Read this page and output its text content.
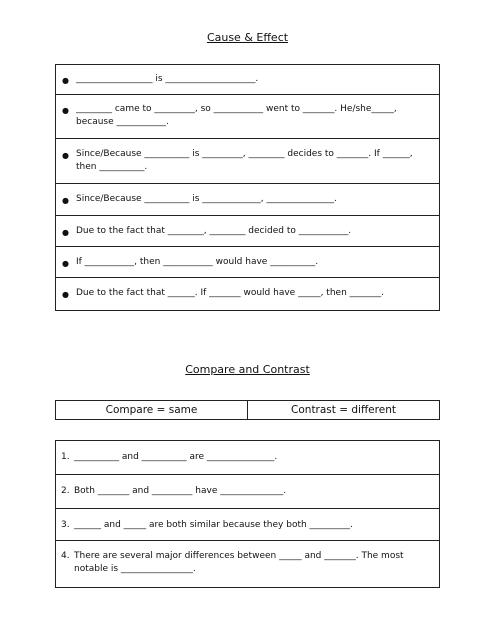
Cause & Effect
● _________________ is ____________________.
● ________ came to _________, so ___________ went to _______. He/she_____, because ___________.
● Since/Because __________ is _________, ________ decides to _______. If ______, then __________.
● Since/Because __________ is _____________, _______________.
● Due to the fact that ________, ________ decided to ___________.
● If ___________, then ___________ would have __________.
● Due to the fact that ______. If _______ would have _____, then _______.
Compare and Contrast
Compare = same	Contrast = different
1. __________ and __________ are _______________.
2. Both _______ and _________ have ______________.
3. ______ and _____ are both similar because they both _________.
4. There are several major differences between _____ and _______. The most notable is ________________.
